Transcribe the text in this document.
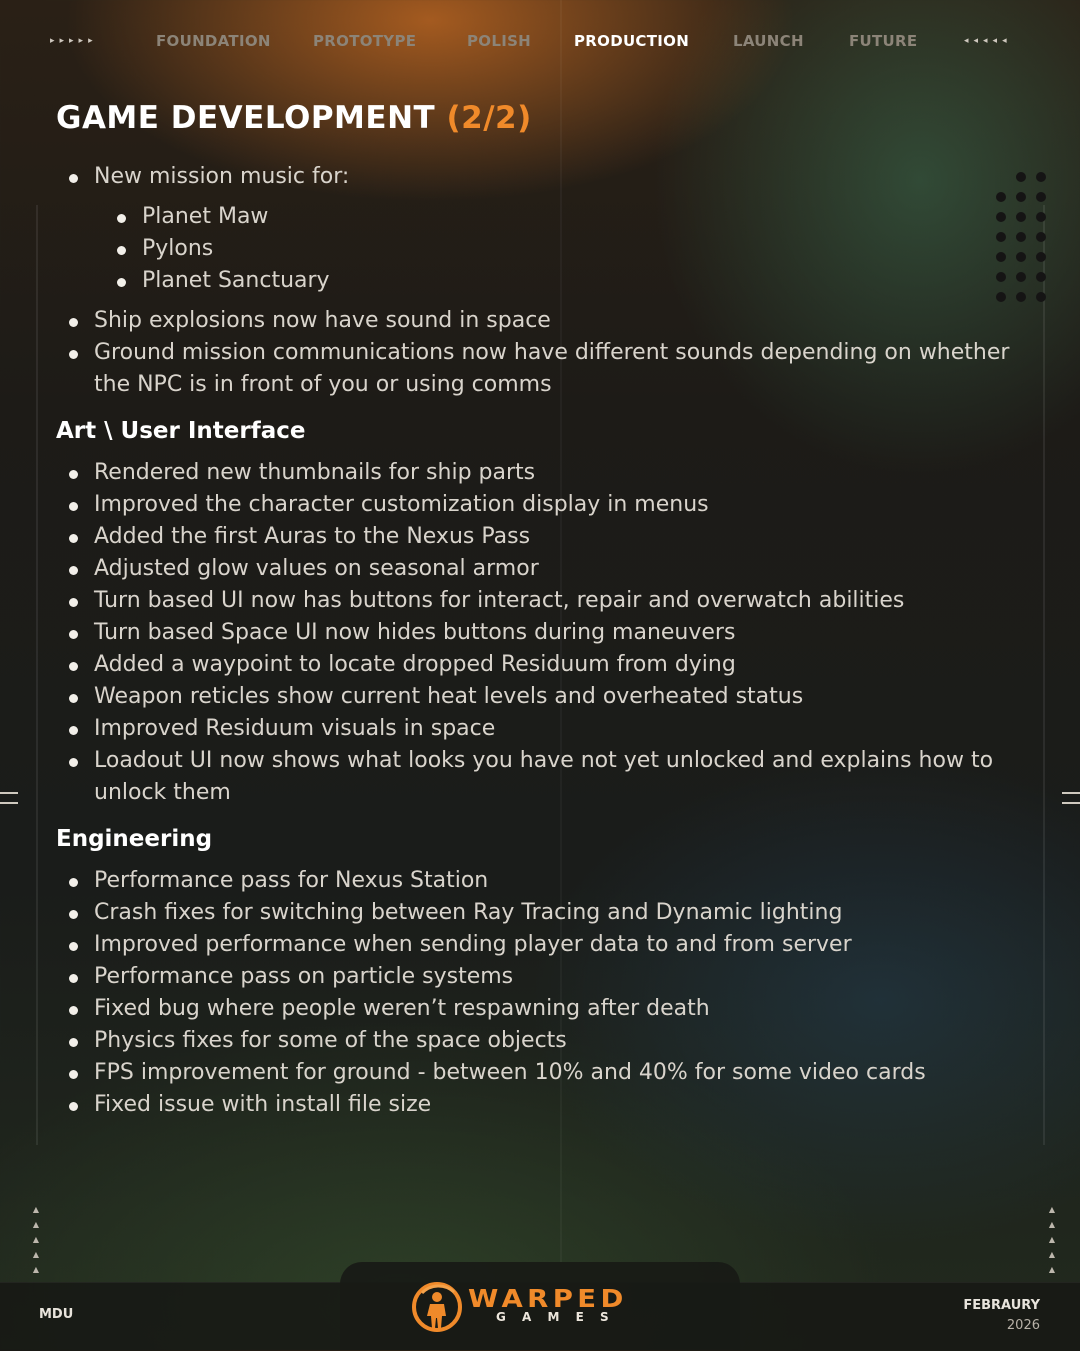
▸▸▸▸▸	FOUNDATION	PROTOTYPE	POLISH	PRODUCTION	LAUNCH	FUTURE	◂◂◂◂◂
GAME DEVELOPMENT (2/2)
New mission music for:
Planet Maw
Pylons
Planet Sanctuary
Ship explosions now have sound in space
Ground mission communications now have different sounds depending on whether the NPC is in front of you or using comms
Art \ User Interface
Rendered new thumbnails for ship parts
Improved the character customization display in menus
Added the first Auras to the Nexus Pass
Adjusted glow values on seasonal armor
Turn based UI now has buttons for interact, repair and overwatch abilities
Turn based Space UI now hides buttons during maneuvers
Added a waypoint to locate dropped Residuum from dying
Weapon reticles show current heat levels and overheated status
Improved Residuum visuals in space
Loadout UI now shows what looks you have not yet unlocked and explains how to unlock them
Engineering
Performance pass for Nexus Station
Crash fixes for switching between Ray Tracing and Dynamic lighting
Improved performance when sending player data to and from server
Performance pass on particle systems
Fixed bug where people weren’t respawning after death
Physics fixes for some of the space objects
FPS improvement for ground - between 10% and 40% for some video cards
Fixed issue with install file size
▲
▲
▲
▲
▲
▲
▲
▲
▲
▲
MDU
FEBRAURY
2026
WARPED
G A M E S
